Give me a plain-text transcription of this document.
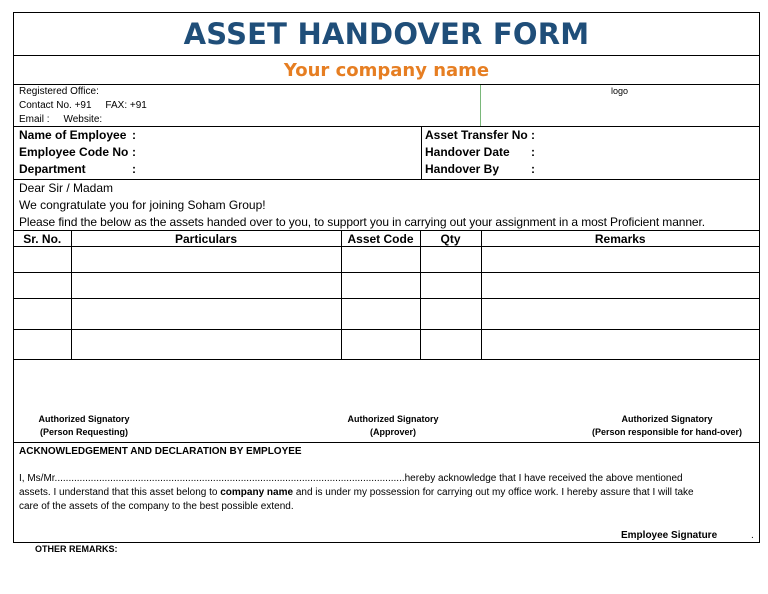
ASSET HANDOVER FORM
Your company name
Registered Office:
Contact No. +91     FAX: +91
Email :     Website:
logo
Name of Employee :
Employee Code No :
Department	:
Asset Transfer No :
Handover Date :
Handover By	:
Dear Sir / Madam
We congratulate you for joining Soham Group!
Please find the below as the assets handed over to you, to support you in carrying out your assignment in a most Proficient manner.
Sr. No.	Particulars	Asset Code	Qty	Remarks

Authorized Signatory
(Person Requesting)
Authorized Signatory
(Approver)
Authorized Signatory
(Person responsible for hand-over)
ACKNOWLEDGEMENT AND DECLARATION BY EMPLOYEE
I, Ms/Mr..............................................................................................................................hereby acknowledge that I have received the above mentioned
assets. I understand that this asset belong to company name and is under my possession for carrying out my office work. I hereby assure that I will take
care of the assets of the company to the best possible extend.
Employee Signature	.
OTHER REMARKS:
